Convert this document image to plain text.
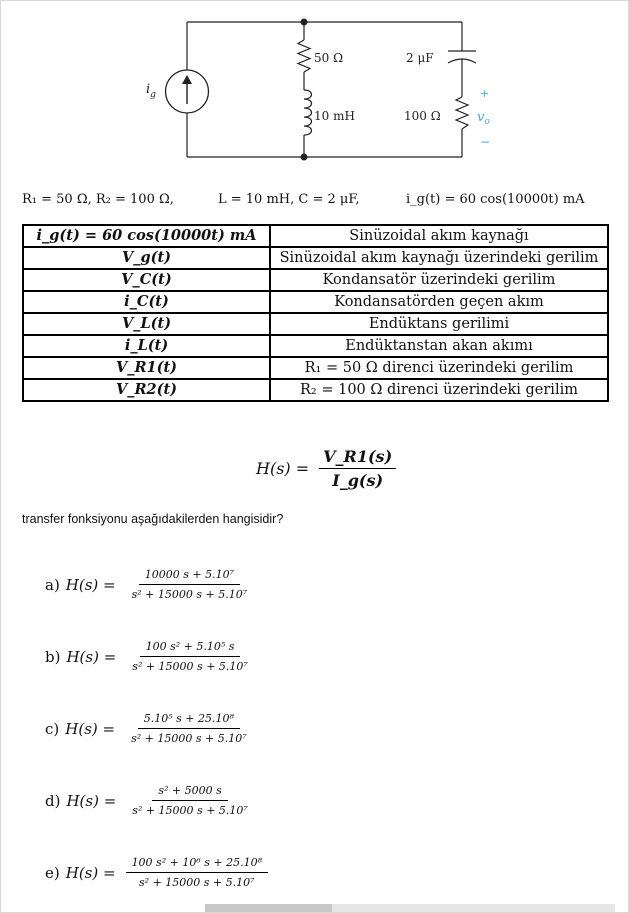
$i_g$
50 Ω	2 μF
10 mH	100 Ω
+
$v_o$
−
R₁ = 50 Ω, R₂ = 100 Ω,	L = 10 mH, C = 2 μF,	i_g(t) = 60 cos(10000t) mA
i_g(t) = 60 cos(10000t) mA	Sinüzoidal akım kaynağı
V_g(t)	Sinüzoidal akım kaynağı üzerindeki gerilim
V_C(t)	Kondansatör üzerindeki gerilim
i_C(t)	Kondansatörden geçen akım
V_L(t)	Endüktans gerilimi
i_L(t)	Endüktanstan akan akımı
V_R1(t)	R₁ = 50 Ω direnci üzerindeki gerilim
V_R2(t)	R₂ = 100 Ω direnci üzerindeki gerilim
$H(s) = \frac{V\_R1(s)}{I\_g(s)}$
transfer fonksiyonu aşağıdakilerden hangisidir?
a) $H(s) = \frac{\text{10000 s + 5.10⁷}}{\text{s² + 15000 s + 5.10⁷}}$
b) $H(s) = \frac{\text{100 s² + 5.10⁵ s}}{\text{s² + 15000 s + 5.10⁷}}$
c) $H(s) = \frac{\text{5.10⁵ s + 25.10⁸}}{\text{s² + 15000 s + 5.10⁷}}$
d) $H(s) = \frac{\text{s² + 5000 s}}{\text{s² + 15000 s + 5.10⁷}}$
e) $H(s) = \frac{\text{100 s² + 10⁶ s + 25.10⁸}}{\text{s² + 15000 s + 5.10⁷}}$
